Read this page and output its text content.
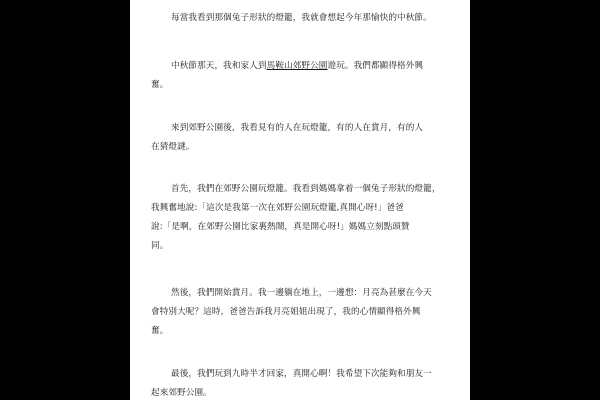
每當我看到那個兔子形狀的燈籠，我就會想起今年那愉快的中秋節。
中秋節那天，我和家人到馬鞍山郊野公園遊玩。我們都顯得格外興
奮。
來到郊野公園後，我看見有的人在玩燈籠，有的人在賞月，有的人
在猜燈謎。
首先，我們在郊野公園玩燈籠。我看到媽媽拿着一個兔子形狀的燈籠，
我興奮地說:「這次是我第一次在郊野公園玩燈籠,真開心呀!」爸爸
說:「是啊，在郊野公園比家裏熱鬧，真是開心呀!」媽媽立刻點頭贊
同。
然後，我們開始賞月。我一邊躺在地上，一邊想：月亮為甚麼在今天
會特別大呢？這時，爸爸告訴我月亮姐姐出現了，我的心情顯得格外興
奮。
最後，我們玩到九時半才回家，真開心啊！我希望下次能夠和朋友一
起來郊野公園。
